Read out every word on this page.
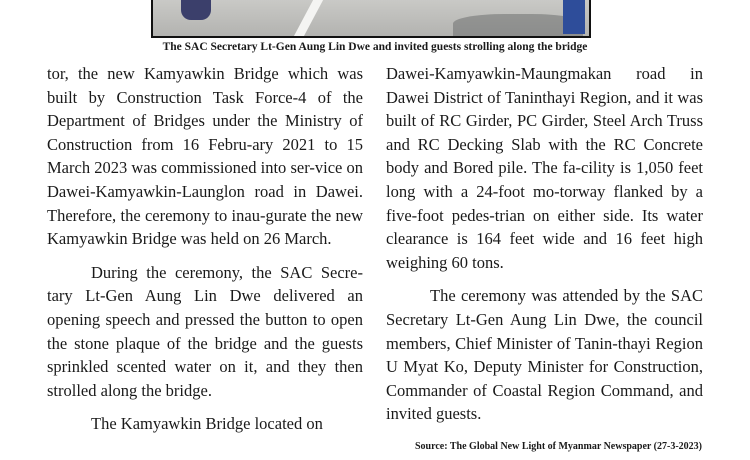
The SAC Secretary Lt-Gen Aung Lin Dwe and invited guests strolling along the bridge

tor, the new Kamyawkin Bridge which was built by Construction Task Force-4 of the Department of Bridges under the Ministry of Construction from 16 Febru-ary 2021 to 15 March 2023 was commissioned into ser-vice on Dawei-Kamyawkin-Launglon road in Dawei. Therefore, the ceremony to inau-gurate the new Kamyawkin Bridge was held on 26 March.

During the ceremony, the SAC Secre-tary Lt-Gen Aung Lin Dwe delivered an opening speech and pressed the button to open the stone plaque of the bridge and the guests sprinkled scented water on it, and they then strolled along the bridge.

The Kamyawkin Bridge located on

Dawei-Kamyawkin-Maungmakan road in Dawei District of Taninthayi Region, and it was built of RC Girder, PC Girder, Steel Arch Truss and RC Decking Slab with the RC Concrete body and Bored pile. The fa-cility is 1,050 feet long with a 24-foot mo-torway flanked by a five-foot pedes-trian on either side. Its water clearance is 164 feet wide and 16 feet high weighing 60 tons.

The ceremony was attended by the SAC Secretary Lt-Gen Aung Lin Dwe, the council members, Chief Minister of Tanin-thayi Region U Myat Ko, Deputy Minister for Construction, Commander of Coastal Region Command, and invited guests.

Source: The Global New Light of Myanmar Newspaper (27-3-2023)
